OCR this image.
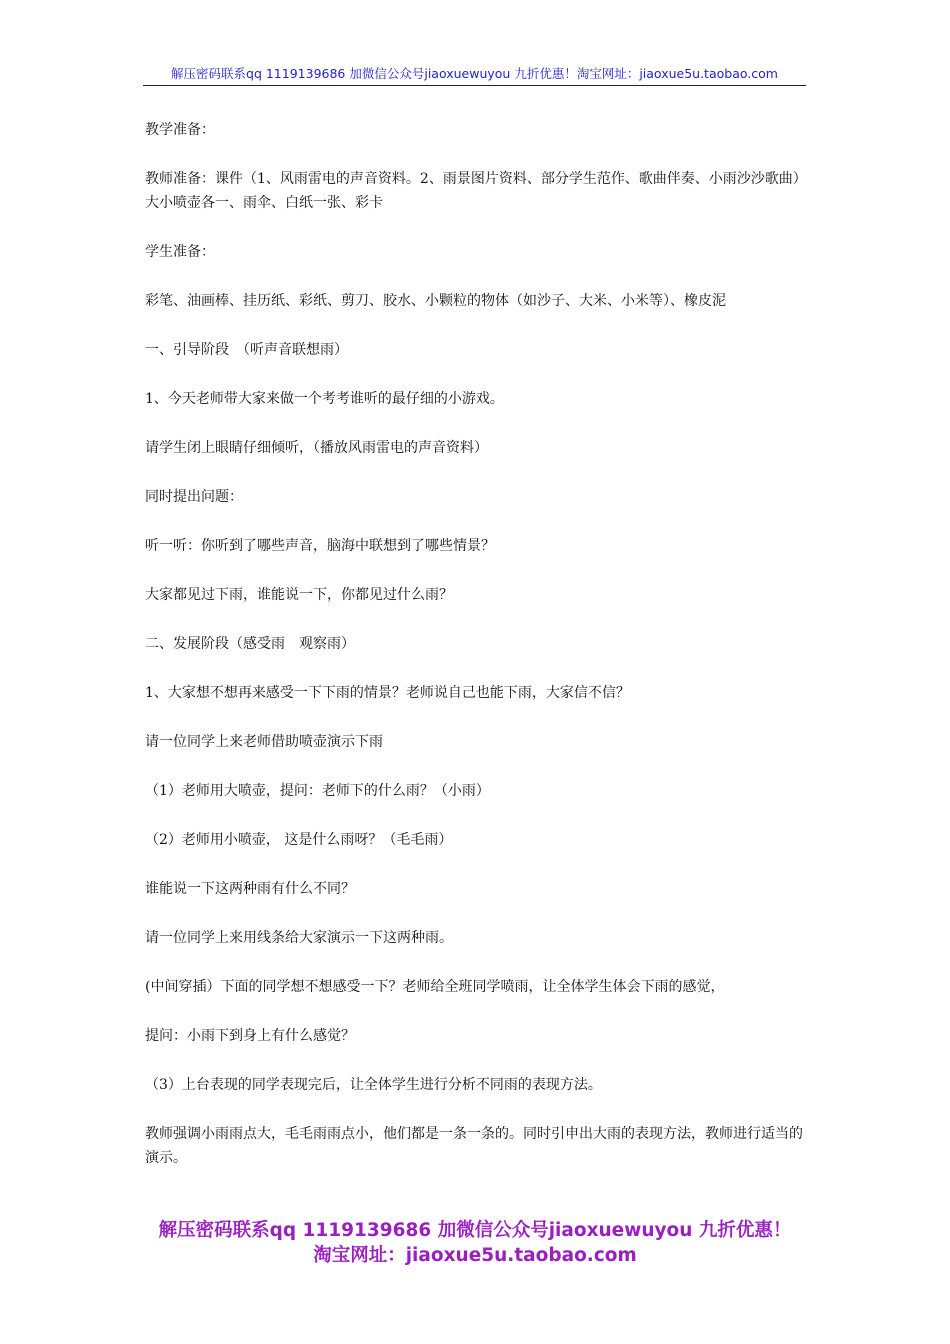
解压密码联系qq 1119139686 加微信公众号jiaoxuewuyou 九折优惠！淘宝网址：jiaoxue5u.taobao.com

教学准备：

教师准备：课件（1、风雨雷电的声音资料。2、雨景图片资料、部分学生范作、歌曲伴奏、小雨沙沙歌曲）大小喷壶各一、雨伞、白纸一张、彩卡

学生准备：

彩笔、油画棒、挂历纸、彩纸、剪刀、胶水、小颗粒的物体（如沙子、大米、小米等）、橡皮泥

一、引导阶段　（听声音联想雨）

1、今天老师带大家来做一个考考谁听的最仔细的小游戏。

请学生闭上眼睛仔细倾听，（播放风雨雷电的声音资料）

同时提出问题：

听一听：你听到了哪些声音，脑海中联想到了哪些情景？

大家都见过下雨，谁能说一下，你都见过什么雨？

二、发展阶段（感受雨　观察雨）

1、大家想不想再来感受一下下雨的情景？老师说自己也能下雨，大家信不信？

请一位同学上来老师借助喷壶演示下雨

（1）老师用大喷壶，提问：老师下的什么雨？（小雨）

（2）老师用小喷壶， 这是什么雨呀？（毛毛雨）

谁能说一下这两种雨有什么不同？

请一位同学上来用线条给大家演示一下这两种雨。

(中间穿插）下面的同学想不想感受一下？老师给全班同学喷雨，让全体学生体会下雨的感觉，

提问：小雨下到身上有什么感觉？

（3）上台表现的同学表现完后，让全体学生进行分析不同雨的表现方法。

教师强调小雨雨点大，毛毛雨雨点小，他们都是一条一条的。同时引申出大雨的表现方法，教师进行适当的演示。

解压密码联系qq 1119139686 加微信公众号jiaoxuewuyou 九折优惠！
淘宝网址：jiaoxue5u.taobao.com
